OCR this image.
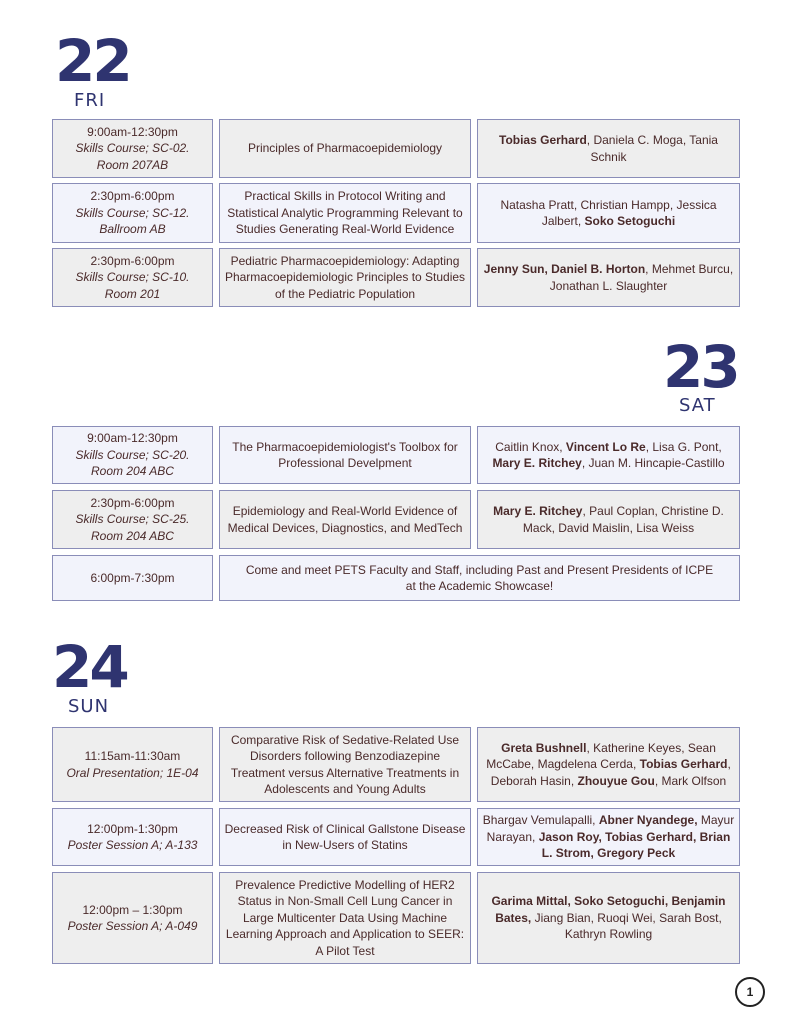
22
FRI
9:00am-12:30pm
Skills Course; SC-02.
Room 207AB
Principles of Pharmacoepidemiology
Tobias Gerhard, Daniela C. Moga, Tania Schnik
2:30pm-6:00pm
Skills Course; SC-12.
Ballroom AB
Practical Skills in Protocol Writing and Statistical Analytic Programming Relevant to Studies Generating Real-World Evidence
Natasha Pratt, Christian Hampp, Jessica Jalbert, Soko Setoguchi
2:30pm-6:00pm
Skills Course; SC-10.
Room 201
Pediatric Pharmacoepidemiology: Adapting Pharmacoepidemiologic Principles to Studies of the Pediatric Population
Jenny Sun, Daniel B. Horton, Mehmet Burcu, Jonathan L. Slaughter
23
SAT
9:00am-12:30pm
Skills Course; SC-20.
Room 204 ABC
The Pharmacoepidemiologist's Toolbox for Professional Develpment
Caitlin Knox, Vincent Lo Re, Lisa G. Pont, Mary E. Ritchey, Juan M. Hincapie-Castillo
2:30pm-6:00pm
Skills Course; SC-25.
Room 204 ABC
Epidemiology and Real-World Evidence of Medical Devices, Diagnostics, and MedTech
Mary E. Ritchey, Paul Coplan, Christine D. Mack, David Maislin, Lisa Weiss
6:00pm-7:30pm
Come and meet PETS Faculty and Staff, including Past and Present Presidents of ICPE at the Academic Showcase!
24
SUN
11:15am-11:30am
Oral Presentation; 1E-04
Comparative Risk of Sedative-Related Use Disorders following Benzodiazepine Treatment versus Alternative Treatments in Adolescents and Young Adults
Greta Bushnell, Katherine Keyes, Sean McCabe, Magdelena Cerda, Tobias Gerhard, Deborah Hasin, Zhouyue Gou, Mark Olfson
12:00pm-1:30pm
Poster Session A; A-133
Decreased Risk of Clinical Gallstone Disease in New-Users of Statins
Bhargav Vemulapalli, Abner Nyandege, Mayur Narayan, Jason Roy, Tobias Gerhard, Brian L. Strom, Gregory Peck
12:00pm – 1:30pm
Poster Session A; A-049
Prevalence Predictive Modelling of HER2 Status in Non-Small Cell Lung Cancer in Large Multicenter Data Using Machine Learning Approach and Application to SEER: A Pilot Test
Garima Mittal, Soko Setoguchi, Benjamin Bates, Jiang Bian, Ruoqi Wei, Sarah Bost, Kathryn Rowling
1
